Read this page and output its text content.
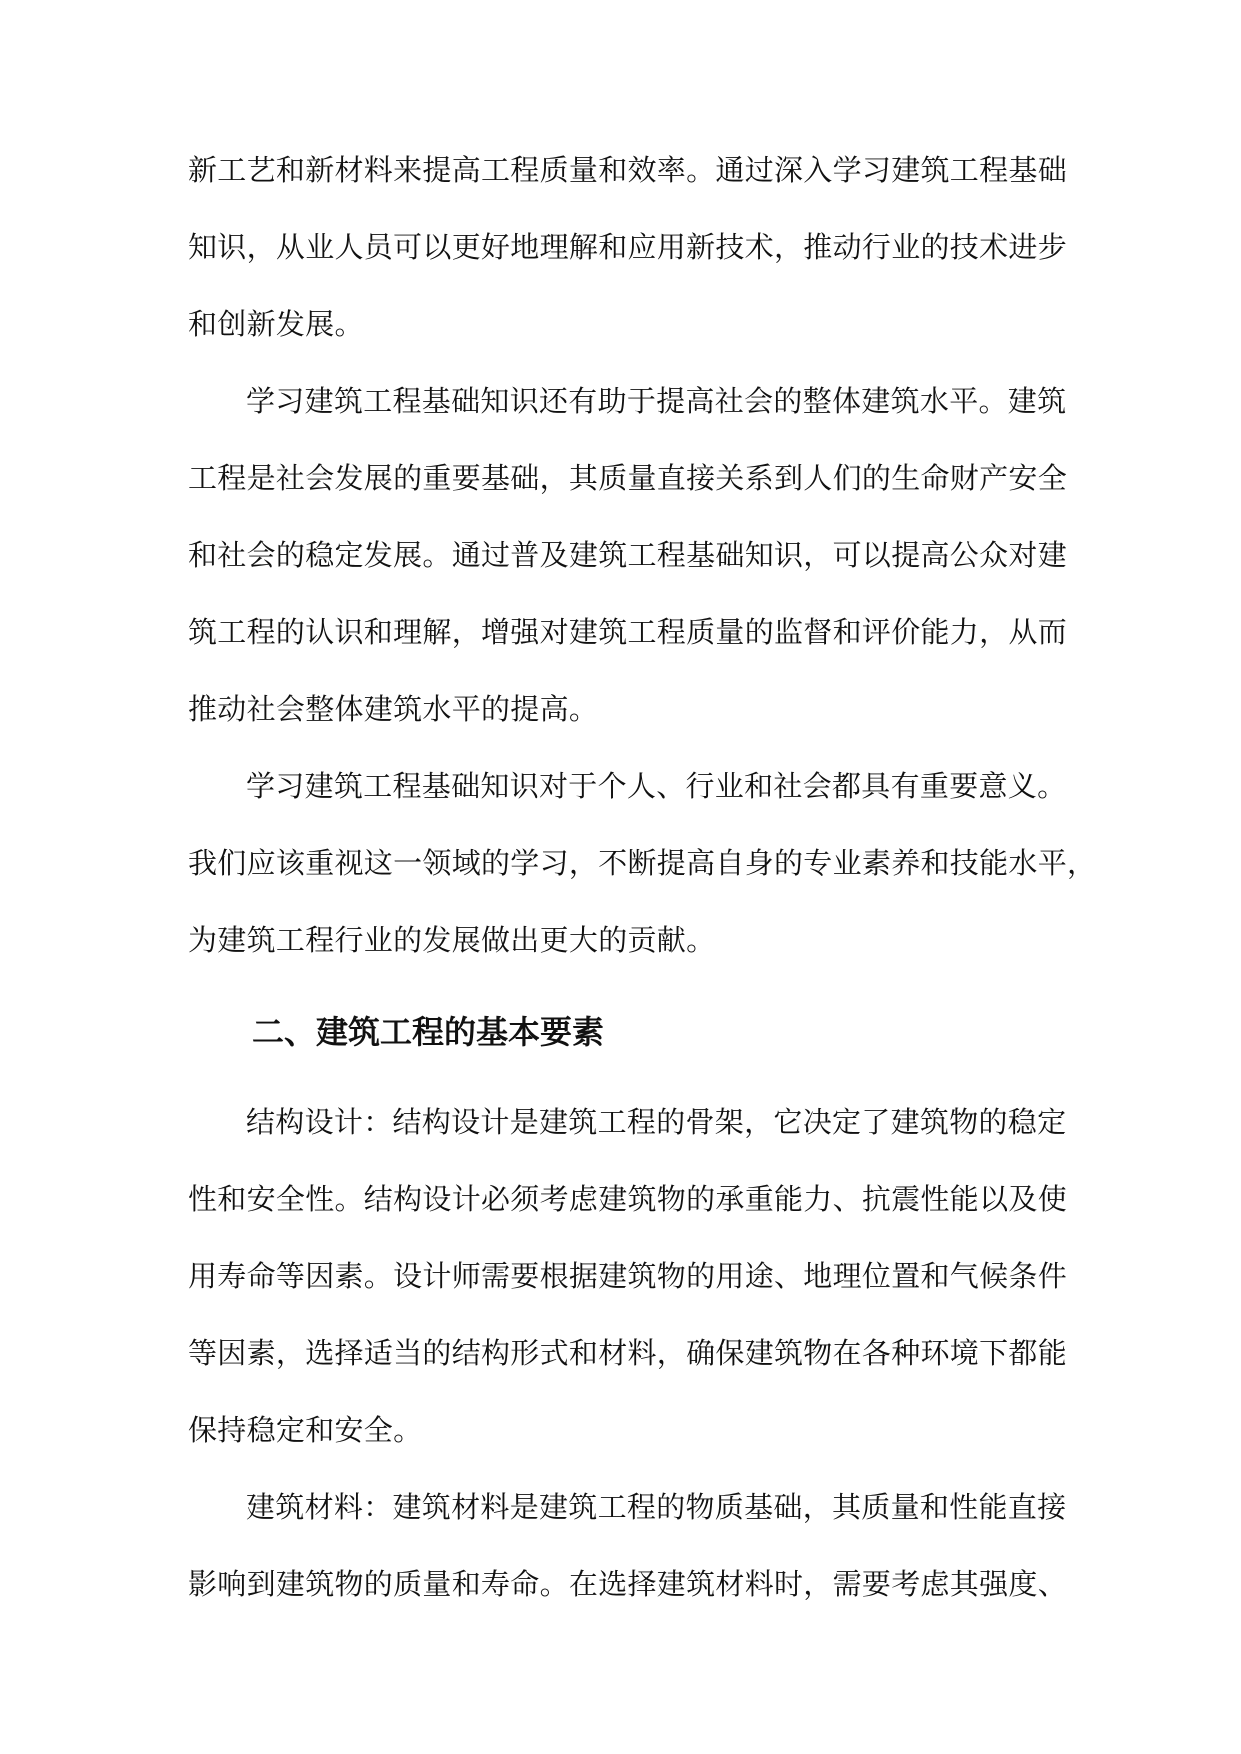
新工艺和新材料来提高工程质量和效率。通过深入学习建筑工程基础
知识，从业人员可以更好地理解和应用新技术，推动行业的技术进步
和创新发展。
学习建筑工程基础知识还有助于提高社会的整体建筑水平。建筑
工程是社会发展的重要基础，其质量直接关系到人们的生命财产安全
和社会的稳定发展。通过普及建筑工程基础知识，可以提高公众对建
筑工程的认识和理解，增强对建筑工程质量的监督和评价能力，从而
推动社会整体建筑水平的提高。
学习建筑工程基础知识对于个人、行业和社会都具有重要意义。
我们应该重视这一领域的学习，不断提高自身的专业素养和技能水平，
为建筑工程行业的发展做出更大的贡献。
二、建筑工程的基本要素
结构设计：结构设计是建筑工程的骨架，它决定了建筑物的稳定
性和安全性。结构设计必须考虑建筑物的承重能力、抗震性能以及使
用寿命等因素。设计师需要根据建筑物的用途、地理位置和气候条件
等因素，选择适当的结构形式和材料，确保建筑物在各种环境下都能
保持稳定和安全。
建筑材料：建筑材料是建筑工程的物质基础，其质量和性能直接
影响到建筑物的质量和寿命。在选择建筑材料时，需要考虑其强度、
